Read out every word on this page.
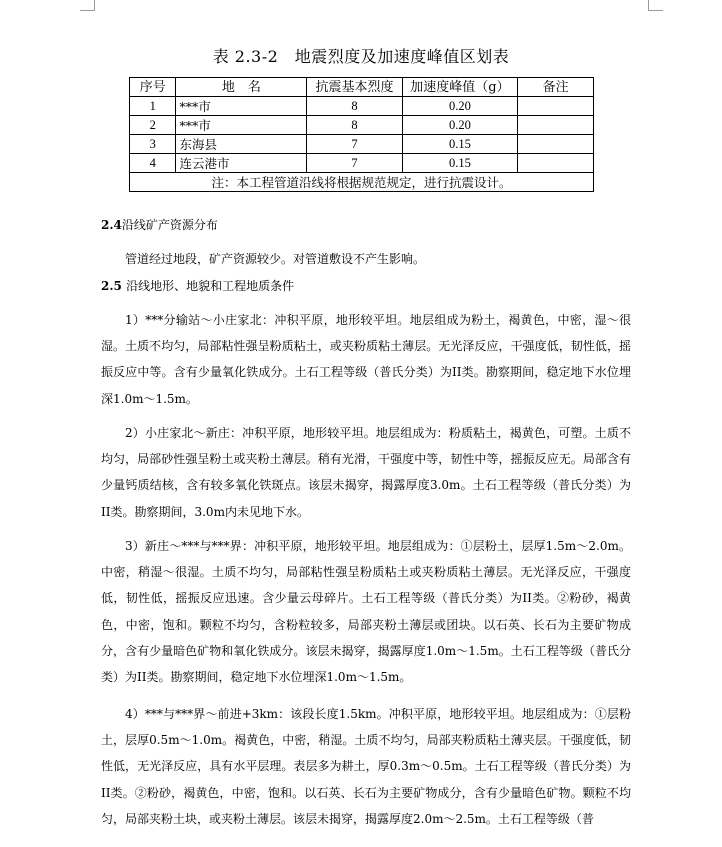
表 2.3-2　地震烈度及加速度峰值区划表
序号	地　名	抗震基本烈度	加速度峰值（g）	备注
1	***市	8	0.20	
2	***市	8	0.20	
3	东海县	7	0.15	
4	连云港市	7	0.15	
注：本工程管道沿线将根据规范规定，进行抗震设计。				
2.4沿线矿产资源分布

管道经过地段，矿产资源较少。对管道敷设不产生影响。

2.5 沿线地形、地貌和工程地质条件

1）***分输站～小庄家北：冲积平原，地形较平坦。地层组成为粉土，褐黄色，中密，湿～很湿。土质不均匀，局部粘性强呈粉质粘土，或夹粉质粘土薄层。无光泽反应，干强度低，韧性低，摇振反应中等。含有少量氧化铁成分。土石工程等级（普氏分类）为II类。勘察期间，稳定地下水位埋深1.0m～1.5m。

2）小庄家北～新庄：冲积平原，地形较平坦。地层组成为：粉质粘土，褐黄色，可塑。土质不均匀，局部砂性强呈粉土或夹粉土薄层。稍有光滑，干强度中等，韧性中等，摇振反应无。局部含有少量钙质结核，含有较多氧化铁斑点。该层未揭穿，揭露厚度3.0m。土石工程等级（普氏分类）为II类。勘察期间，3.0m内未见地下水。

3）新庄～***与***界：冲积平原，地形较平坦。地层组成为：①层粉土，层厚1.5m～2.0m。中密，稍湿～很湿。土质不均匀，局部粘性强呈粉质粘土或夹粉质粘土薄层。无光泽反应，干强度低，韧性低，摇振反应迅速。含少量云母碎片。土石工程等级（普氏分类）为II类。②粉砂，褐黄色，中密，饱和。颗粒不均匀，含粉粒较多，局部夹粉土薄层或团块。以石英、长石为主要矿物成分，含有少量暗色矿物和氧化铁成分。该层未揭穿，揭露厚度1.0m～1.5m。土石工程等级（普氏分类）为II类。勘察期间，稳定地下水位埋深1.0m～1.5m。

4）***与***界～前进+3km：该段长度1.5km。冲积平原，地形较平坦。地层组成为：①层粉土，层厚0.5m～1.0m。褐黄色，中密，稍湿。土质不均匀，局部夹粉质粘土薄夹层。干强度低，韧性低，无光泽反应，具有水平层理。表层多为耕土，厚0.3m～0.5m。土石工程等级（普氏分类）为II类。②粉砂，褐黄色，中密，饱和。以石英、长石为主要矿物成分，含有少量暗色矿物。颗粒不均匀，局部夹粉土块，或夹粉土薄层。该层未揭穿，揭露厚度2.0m～2.5m。土石工程等级（普
